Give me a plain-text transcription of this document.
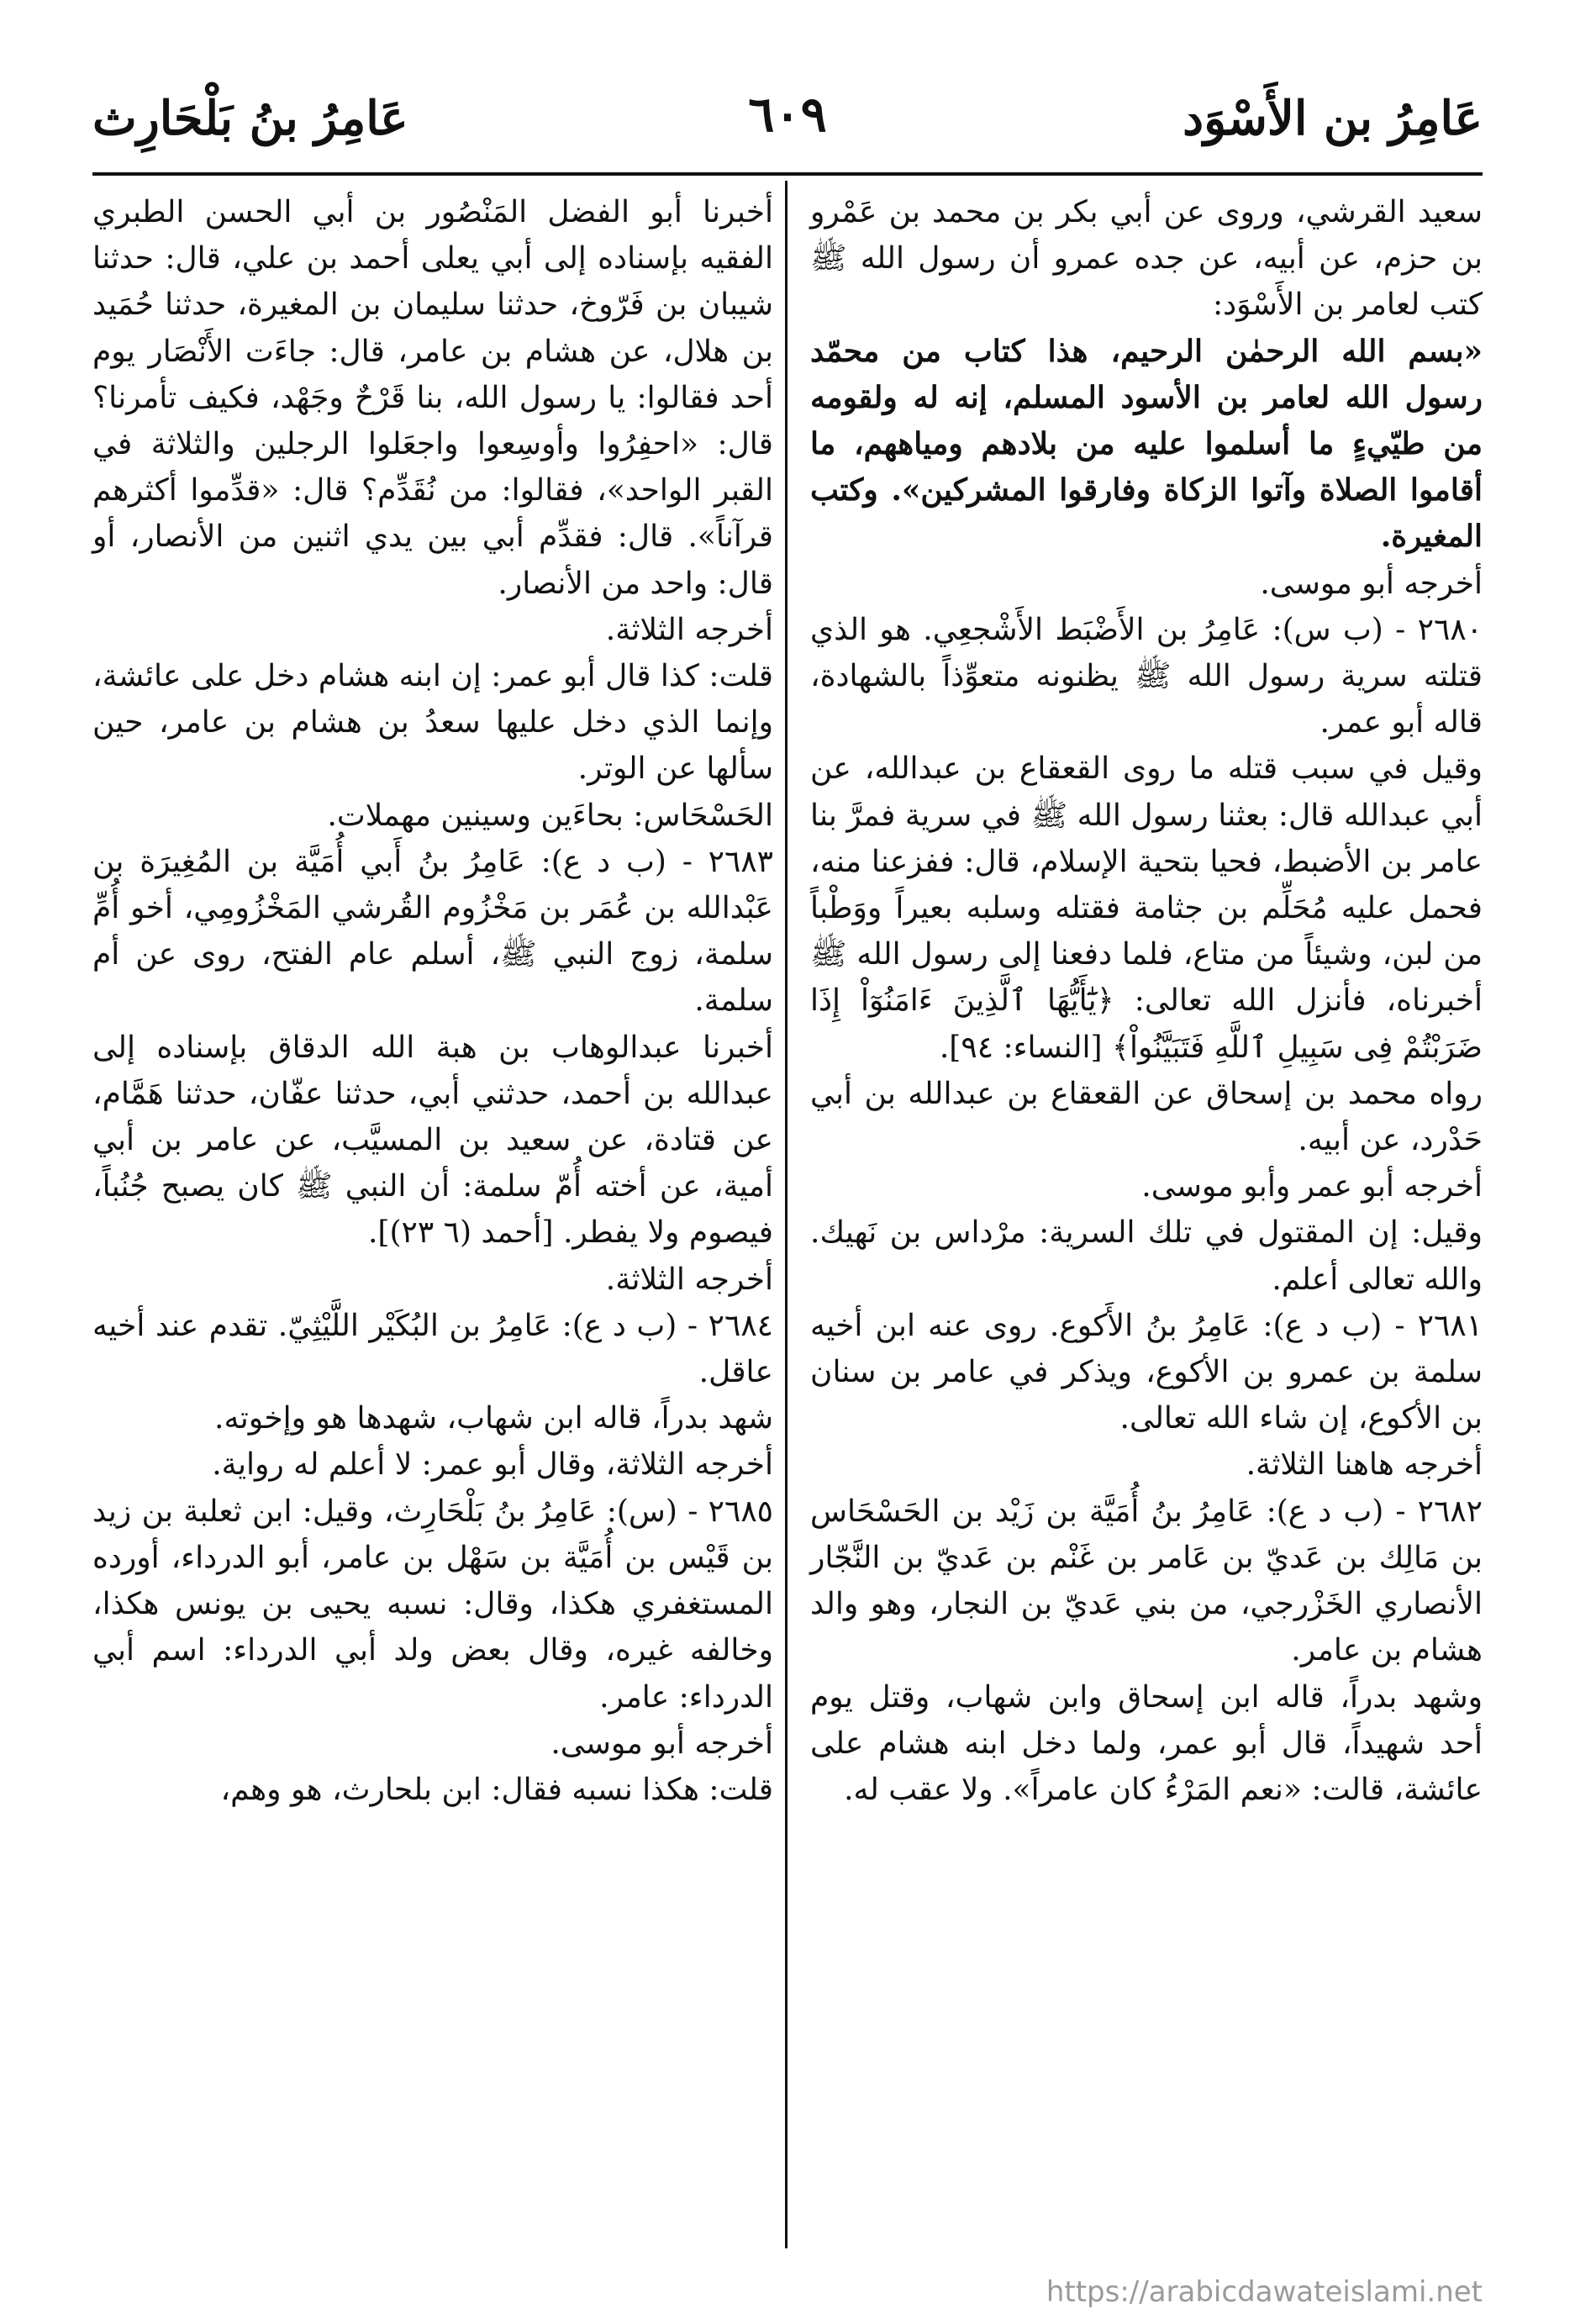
عَامِرُ بن الأَسْوَد
٦٠٩
عَامِرُ بنُ بَلْحَارِث

سعيد القرشي، وروى عن أبي بكر بن محمد بن عَمْرو بن حزم، عن أبيه، عن جده عمرو أن رسول الله ﷺ كتب لعامر بن الأَسْوَد:

«بسم الله الرحمٰن الرحيم، هذا كتاب من محمّد رسول الله لعامر بن الأسود المسلم، إنه له ولقومه من طيّيءٍ ما أسلموا عليه من بلادهم ومياههم، ما أقاموا الصلاة وآتوا الزكاة وفارقوا المشركين». وكتب المغيرة.

أخرجه أبو موسى.

٢٦٨٠ - (ب س): عَامِرُ بن الأَضْبَط الأَشْجعِي. هو الذي قتلته سرية رسول الله ﷺ يظنونه متعوِّذاً بالشهادة، قاله أبو عمر.

وقيل في سبب قتله ما روى القعقاع بن عبدالله، عن أبي عبدالله قال: بعثنا رسول الله ﷺ في سرية فمرَّ بنا عامر بن الأضبط، فحيا بتحية الإسلام، قال: ففزعنا منه، فحمل عليه مُحَلِّم بن جثامة فقتله وسلبه بعيراً ووَطْباً من لبن، وشيئاً من متاع، فلما دفعنا إلى رسول الله ﷺ أخبرناه، فأنزل الله تعالى: ﴿يَٰٓأَيُّهَا ٱلَّذِينَ ءَامَنُوٓاْ إِذَا ضَرَبْتُمْ فِى سَبِيلِ ٱللَّهِ فَتَبَيَّنُواْ﴾ [النساء: ٩٤].

رواه محمد بن إسحاق عن القعقاع بن عبدالله بن أبي حَدْرد، عن أبيه.

أخرجه أبو عمر وأبو موسى.

وقيل: إن المقتول في تلك السرية: مرْداس بن نَهيك. والله تعالى أعلم.

٢٦٨١ - (ب د ع): عَامِرُ بنُ الأَكوع. روى عنه ابن أخيه سلمة بن عمرو بن الأكوع، ويذكر في عامر بن سنان بن الأكوع، إن شاء الله تعالى.

أخرجه هاهنا الثلاثة.

٢٦٨٢ - (ب د ع): عَامِرُ بنُ أُمَيَّة بن زَيْد بن الحَسْحَاس بن مَالِك بن عَديّ بن عَامر بن غَنْم بن عَديّ بن النَّجّار الأنصاري الخَزْرجي، من بني عَديّ بن النجار، وهو والد هشام بن عامر.

وشهد بدراً، قاله ابن إسحاق وابن شهاب، وقتل يوم أحد شهيداً، قال أبو عمر، ولما دخل ابنه هشام على عائشة، قالت: «نعم المَرْءُ كان عامراً». ولا عقب له.

أخبرنا أبو الفضل المَنْصُور بن أبي الحسن الطبري الفقيه بإسناده إلى أبي يعلى أحمد بن علي، قال: حدثنا شيبان بن فَرّوخ، حدثنا سليمان بن المغيرة، حدثنا حُمَيد بن هلال، عن هشام بن عامر، قال: جاءَت الأَنْصَار يوم أحد فقالوا: يا رسول الله، بنا قَرْحٌ وجَهْد، فكيف تأمرنا؟ قال: «احفِرُوا وأوسِعوا واجعَلوا الرجلين والثلاثة في القبر الواحد»، فقالوا: من نُقَدِّم؟ قال: «قدِّموا أكثرهم قرآناً». قال: فقدِّم أبي بين يدي اثنين من الأنصار، أو قال: واحد من الأنصار.

أخرجه الثلاثة.

قلت: كذا قال أبو عمر: إن ابنه هشام دخل على عائشة، وإنما الذي دخل عليها سعدُ بن هشام بن عامر، حين سألها عن الوتر.

الحَسْحَاس: بحاءَين وسينين مهملات.

٢٦٨٣ - (ب د ع): عَامِرُ بنُ أَبي أُمَيَّة بن المُغِيرَة بن عَبْدالله بن عُمَر بن مَخْزُوم القُرشي المَخْزُومِي، أخو أُمِّ سلمة، زوج النبي ﷺ، أسلم عام الفتح، روى عن أم سلمة.

أخبرنا عبدالوهاب بن هبة الله الدقاق بإسناده إلى عبدالله بن أحمد، حدثني أبي، حدثنا عفّان، حدثنا هَمَّام، عن قتادة، عن سعيد بن المسيَّب، عن عامر بن أبي أمية، عن أخته أُمّ سلمة: أن النبي ﷺ كان يصبح جُنُباً، فيصوم ولا يفطر. [أحمد (٦ ٢٣)].

أخرجه الثلاثة.

٢٦٨٤ - (ب د ع): عَامِرُ بن البُكَيْر اللَّيْثِيّ. تقدم عند أخيه عاقل.

شهد بدراً، قاله ابن شهاب، شهدها هو وإخوته.

أخرجه الثلاثة، وقال أبو عمر: لا أعلم له رواية.

٢٦٨٥ - (س): عَامِرُ بنُ بَلْحَارِث، وقيل: ابن ثعلبة بن زيد بن قَيْس بن أُمَيَّة بن سَهْل بن عامر، أبو الدرداء، أورده المستغفري هكذا، وقال: نسبه يحيى بن يونس هكذا، وخالفه غيره، وقال بعض ولد أبي الدرداء: اسم أبي الدرداء: عامر.

أخرجه أبو موسى.

قلت: هكذا نسبه فقال: ابن بلحارث، هو وهم،

https://arabicdawateislami.net
